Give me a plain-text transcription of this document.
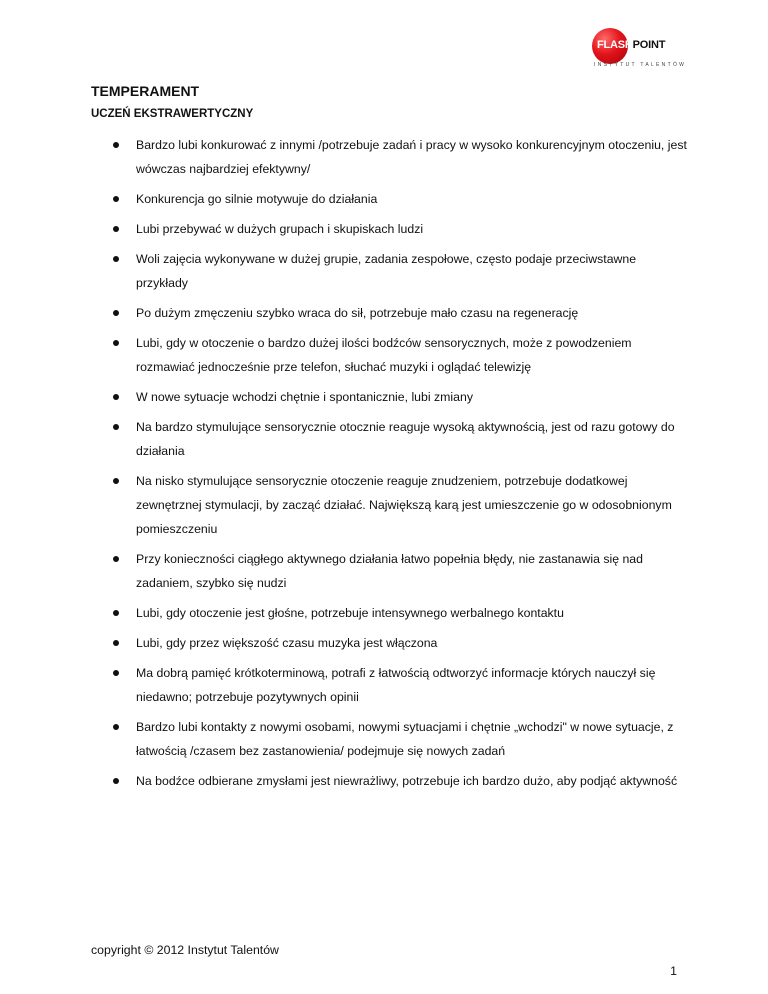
FLASHPOINT
INSTYTUT TALENTÓW
TEMPERAMENT
UCZEŃ EKSTRAWERTYCZNY
Bardzo lubi konkurować z innymi /potrzebuje zadań i pracy w wysoko konkurencyjnym otoczeniu, jest wówczas najbardziej efektywny/
Konkurencja go silnie motywuje do działania
Lubi przebywać w dużych grupach i skupiskach ludzi
Woli zajęcia wykonywane w dużej grupie, zadania zespołowe, często podaje przeciwstawne przykłady
Po dużym zmęczeniu szybko wraca do sił, potrzebuje mało czasu na regenerację
Lubi, gdy w otoczenie o bardzo dużej ilości bodźców sensorycznych, może z powodzeniem rozmawiać jednocześnie prze telefon, słuchać muzyki i oglądać telewizję
W nowe sytuacje wchodzi chętnie i spontanicznie, lubi zmiany
Na bardzo stymulujące sensorycznie otocznie reaguje wysoką aktywnością, jest od razu gotowy do działania
Na nisko stymulujące sensorycznie otoczenie reaguje znudzeniem, potrzebuje dodatkowej zewnętrznej stymulacji, by zacząć działać. Największą karą jest umieszczenie go w odosobnionym pomieszczeniu
Przy konieczności ciągłego aktywnego działania łatwo popełnia błędy, nie zastanawia się nad zadaniem, szybko się nudzi
Lubi, gdy otoczenie jest głośne, potrzebuje intensywnego werbalnego kontaktu
Lubi, gdy przez większość czasu muzyka jest włączona
Ma dobrą pamięć krótkoterminową, potrafi z łatwością odtworzyć informacje których nauczył się niedawno; potrzebuje pozytywnych opinii
Bardzo lubi kontakty z nowymi osobami, nowymi sytuacjami i chętnie „wchodzi" w nowe sytuacje, z łatwością /czasem bez zastanowienia/ podejmuje się nowych zadań
Na bodźce odbierane zmysłami jest niewrażliwy, potrzebuje ich bardzo dużo, aby podjąć aktywność
copyright © 2012 Instytut Talentów
1
